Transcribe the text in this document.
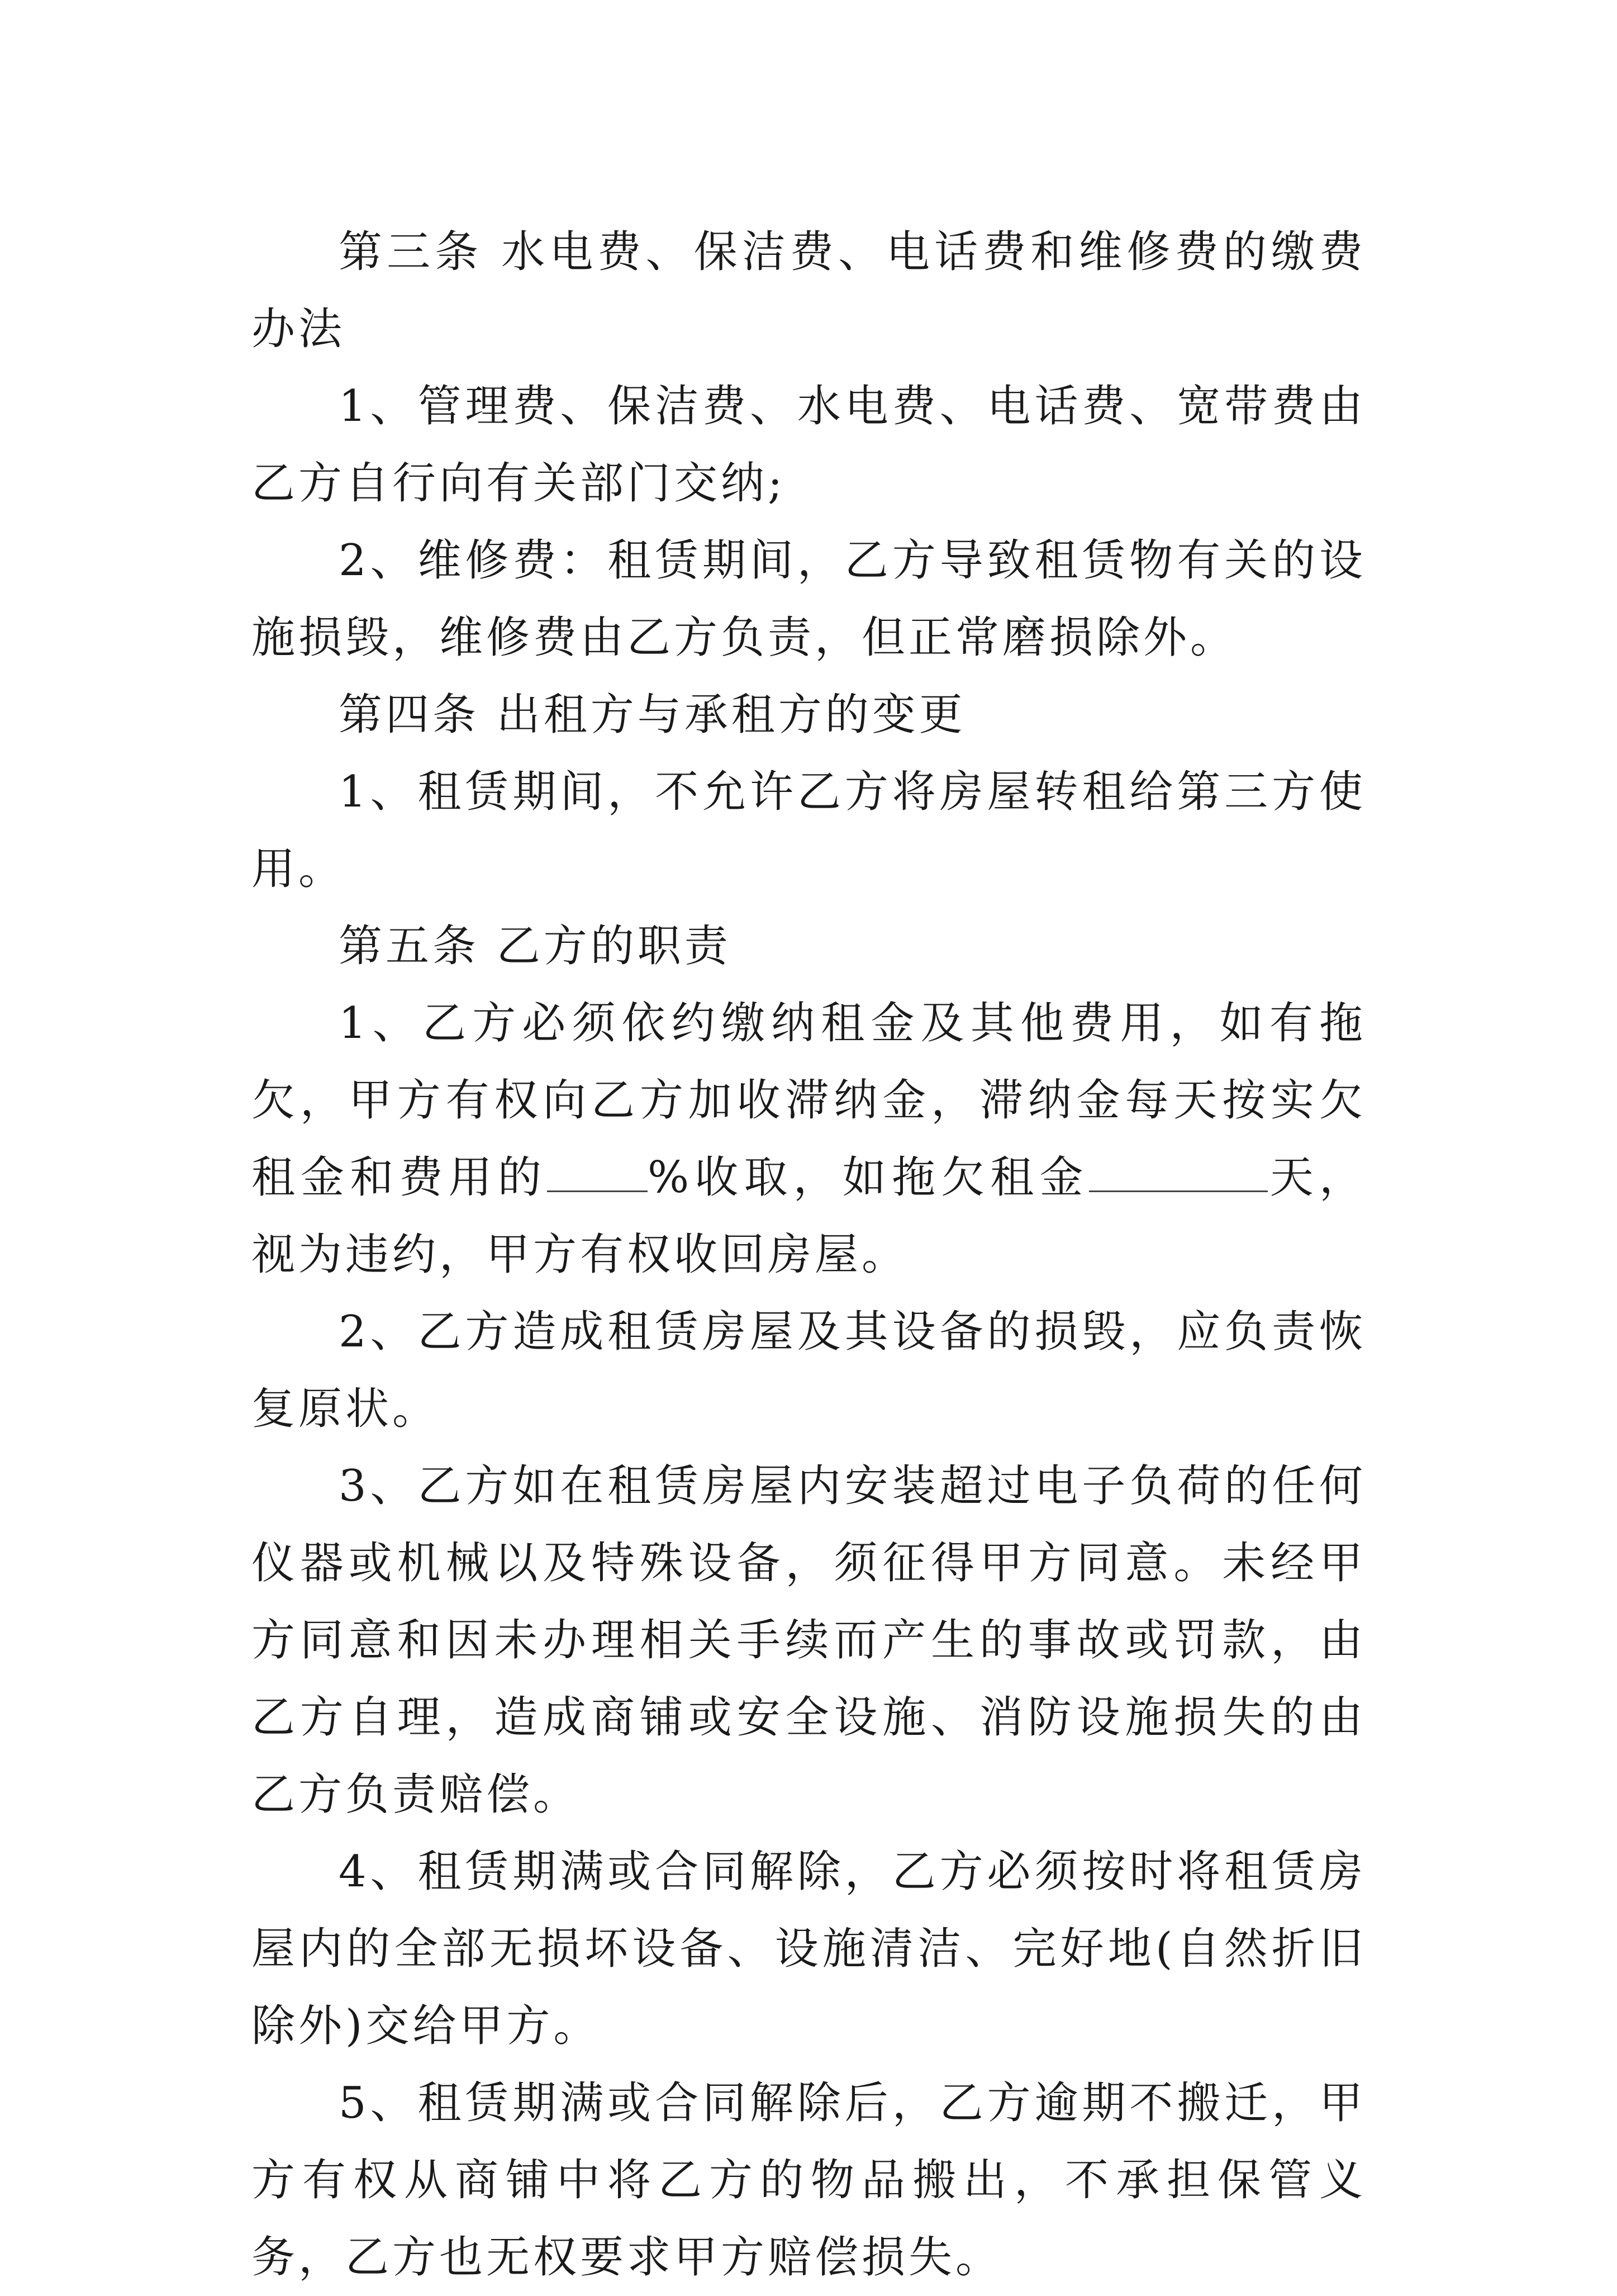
第三条 水电费、保洁费、电话费和维修费的缴费办法

1、管理费、保洁费、水电费、电话费、宽带费由乙方自行向有关部门交纳;

2、维修费：租赁期间，乙方导致租赁物有关的设施损毁，维修费由乙方负责，但正常磨损除外。

第四条 出租方与承租方的变更

1、租赁期间，不允许乙方将房屋转租给第三方使用。

第五条 乙方的职责

1、乙方必须依约缴纳租金及其他费用，如有拖欠，甲方有权向乙方加收滞纳金，滞纳金每天按实欠租金和费用的 %收取，如拖欠租金	天，视为违约，甲方有权收回房屋。

2、乙方造成租赁房屋及其设备的损毁，应负责恢复原状。

3、乙方如在租赁房屋内安装超过电子负荷的任何仪器或机械以及特殊设备，须征得甲方同意。未经甲方同意和因未办理相关手续而产生的事故或罚款，由乙方自理，造成商铺或安全设施、消防设施损失的由乙方负责赔偿。

4、租赁期满或合同解除，乙方必须按时将租赁房屋内的全部无损坏设备、设施清洁、完好地(自然折旧除外)交给甲方。

5、租赁期满或合同解除后，乙方逾期不搬迁，甲方有权从商铺中将乙方的物品搬出，不承担保管义务，乙方也无权要求甲方赔偿损失。
